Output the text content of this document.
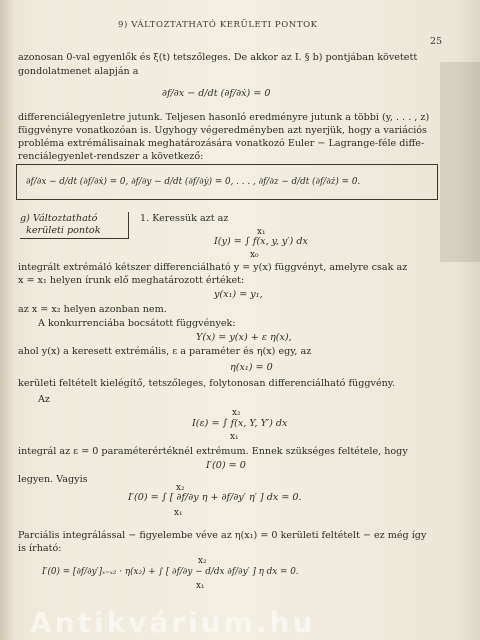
9) VÁLTOZTATHATÓ KERÜLETI PONTOK
25
azonosan 0-val egyenlők és ξ(t) tetszőleges. De akkor az I. § b) pontjában követett
gondolatmenet alapján a
∂f/∂x − d/dt (∂f/∂ẋ) = 0
differenciálegyenletre jutunk. Teljesen hasonló eredményre jutunk a többi (y, . . . , z)
függvényre vonatkozóan is. Ugyhogy végeredményben azt nyerjük, hogy a variációs
probléma extrémálisainak meghatározására vonatkozó Euler − Lagrange-féle diffe-
renciálegyenlet-rendszer a következő:
∂f/∂x − d/dt (∂f/∂ẋ) = 0, ∂f/∂y − d/dt (∂f/∂ẏ) = 0, . . . , ∂f/∂z − d/dt (∂f/∂ż) = 0.
g) Változtatható
kerületi pontok
1. Keressük azt az
x₁
I(y) = ∫ f(x, y, y′) dx
x₀
integrált extrémáló kétszer differenciálható y = y(x) függvényt, amelyre csak az
x = x₁ helyen írunk elő meghatározott értéket:
y(x₁) = y₁,
az x = x₂ helyen azonban nem.
A konkurrenciába bocsátott függvények:
Y(x) = y(x) + ε η(x),
ahol y(x) a keresett extrémális, ε a paraméter és η(x) egy, az
η(x₁) = 0
kerületi feltételt kielégítő, tetszőleges, folytonosan differenciálható függvény.
Az
x₂
I(ε) = ∫ f(x, Y, Y′) dx
x₁
integrál az ε = 0 paraméterértéknél extrémum. Ennek szükséges feltétele, hogy
I′(0) = 0
legyen. Vagyis
x₂
I′(0) = ∫ [ ∂f/∂y η + ∂f/∂y′ η′ ] dx = 0.
x₁
Parciális integrálással − figyelembe véve az η(x₁) = 0 kerületi feltételt − ez még így
is írható:
x₂
I′(0) = [∂f/∂y′]ₓ₌ₓ₂ · η(x₂) + ∫ [ ∂f/∂y − d/dx ∂f/∂y′ ] η dx = 0.
x₁
Antikvárium.hu
